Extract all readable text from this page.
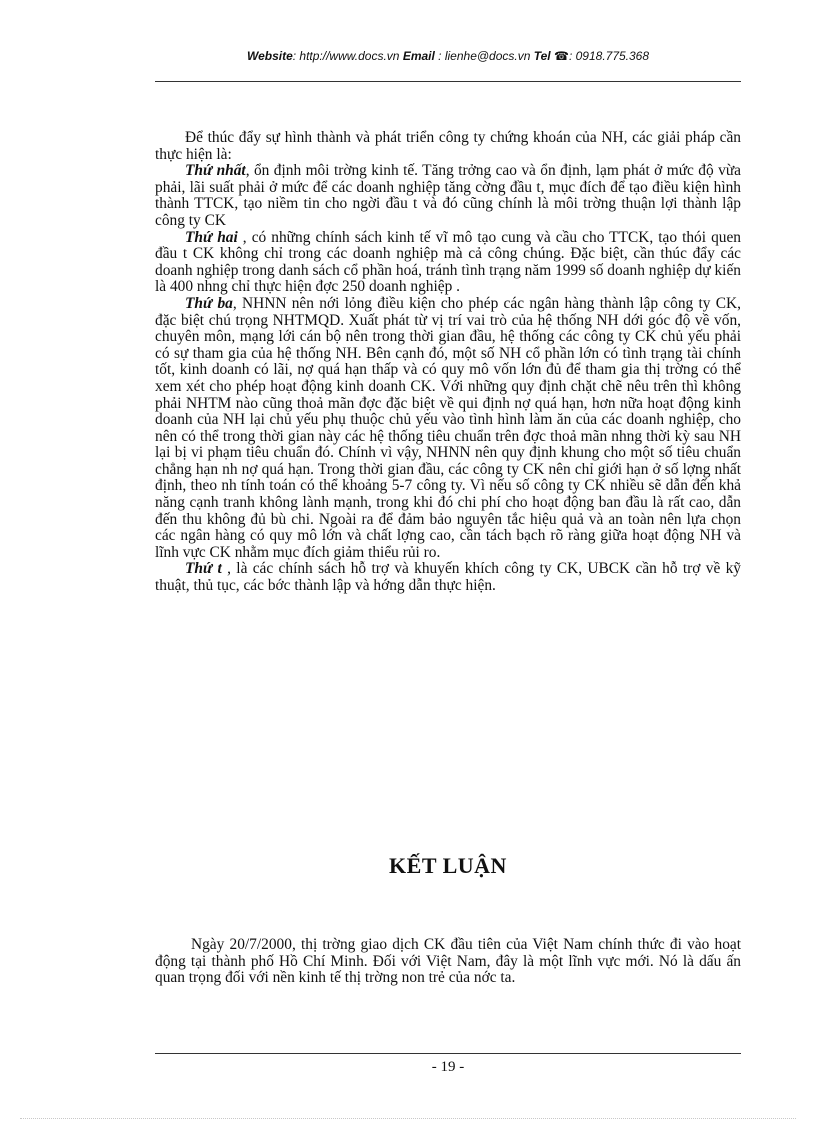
Website: http://www.docs.vn Email : lienhe@docs.vn Tel ☎: 0918.775.368

Để thúc đẩy sự hình thành và phát triển công ty chứng khoán của NH, các giải pháp cần thực hiện là:

Thứ nhất, ổn định môi trờng kinh tế. Tăng trởng cao và ổn định, lạm phát ở mức độ vừa phải, lãi suất phải ở mức để các doanh nghiệp tăng cờng đầu t, mục đích để tạo điều kiện hình thành TTCK, tạo niềm tin cho ngời đầu t và đó cũng chính là môi trờng thuận lợi thành lập công ty CK

Thứ hai , có những chính sách kinh tế vĩ mô tạo cung và cầu cho TTCK, tạo thói quen đầu t CK không chỉ trong các doanh nghiệp mà cả công chúng. Đặc biệt, cần thúc đẩy các doanh nghiệp trong danh sách cổ phần hoá, tránh tình trạng năm 1999 số doanh nghiệp dự kiến là 400 nhng chỉ thực hiện đợc 250 doanh nghiệp .

Thứ ba, NHNN nên nới lỏng điều kiện cho phép các ngân hàng thành lập công ty CK, đặc biệt chú trọng NHTMQD. Xuất phát từ vị trí vai trò của hệ thống NH dới góc độ về vốn, chuyên môn, mạng lới cán bộ nên trong thời gian đầu, hệ thống các công ty CK chủ yếu phải có sự tham gia của hệ thống NH. Bên cạnh đó, một số NH cổ phần lớn có tình trạng tài chính tốt, kinh doanh có lãi, nợ quá hạn thấp và có quy mô vốn lớn đủ để tham gia thị trờng có thể xem xét cho phép hoạt động kinh doanh CK. Với những quy định chặt chẽ nêu trên thì không phải NHTM nào cũng thoả mãn đợc đặc biệt về qui định nợ quá hạn, hơn nữa hoạt động kinh doanh của NH lại chủ yếu phụ thuộc chủ yếu vào tình hình làm ăn của các doanh nghiệp, cho nên có thể trong thời gian này các hệ thống tiêu chuẩn trên đợc thoả mãn nhng thời kỳ sau NH lại bị vi phạm tiêu chuẩn đó. Chính vì vậy, NHNN nên quy định khung cho một số tiêu chuẩn chẳng hạn nh nợ quá hạn. Trong thời gian đầu, các công ty CK nên chỉ giới hạn ở số lợng nhất định, theo nh tính toán có thể khoảng 5-7 công ty. Vì nếu số công ty CK nhiều sẽ dẫn đến khả năng cạnh tranh không lành mạnh, trong khi đó chi phí cho hoạt động ban đầu là rất cao, dẫn đến thu không đủ bù chi. Ngoài ra để đảm bảo nguyên tắc hiệu quả và an toàn nên lựa chọn các ngân hàng có quy mô lớn và chất lợng cao, cần tách bạch rõ ràng giữa hoạt động NH và lĩnh vực CK nhằm mục đích giảm thiểu rủi ro.

Thứ t , là các chính sách hỗ trợ và khuyến khích công ty CK, UBCK cần hỗ trợ về kỹ thuật, thủ tục, các bớc thành lập và hớng dẫn thực hiện.

KẾT LUẬN

Ngày 20/7/2000, thị trờng giao dịch CK đầu tiên của Việt Nam chính thức đi vào hoạt động tại thành phố Hồ Chí Minh. Đối với Việt Nam, đây là một lĩnh vực mới. Nó là dấu ấn quan trọng đối với nền kinh tế thị trờng non trẻ của nớc ta.

- 19 -
